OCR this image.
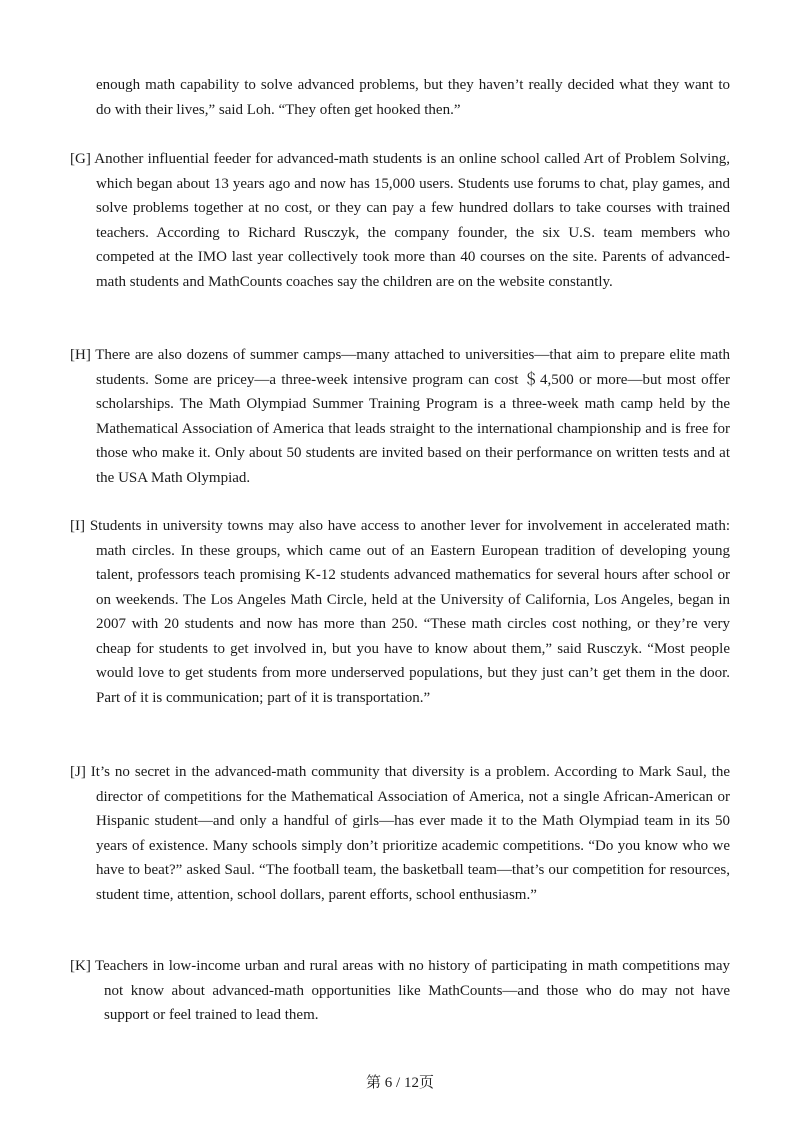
enough math capability to solve advanced problems, but they haven’t really decided what they want to do with their lives,” said Loh. “They often get hooked then.”

[G] Another influential feeder for advanced-math students is an online school called Art of Problem Solving, which began about 13 years ago and now has 15,000 users. Students use forums to chat, play games, and solve problems together at no cost, or they can pay a few hundred dollars to take courses with trained teachers. According to Richard Rusczyk, the company founder, the six U.S. team members who competed at the IMO last year collectively took more than 40 courses on the site. Parents of advanced-math students and MathCounts coaches say the children are on the website constantly.

[H] There are also dozens of summer camps—many attached to universities—that aim to prepare elite math students. Some are pricey—a three-week intensive program can cost ＄4,500 or more—but most offer scholarships. The Math Olympiad Summer Training Program is a three-week math camp held by the Mathematical Association of America that leads straight to the international championship and is free for those who make it. Only about 50 students are invited based on their performance on written tests and at the USA Math Olympiad.

[I] Students in university towns may also have access to another lever for involvement in accelerated math: math circles. In these groups, which came out of an Eastern European tradition of developing young talent, professors teach promising K-12 students advanced mathematics for several hours after school or on weekends. The Los Angeles Math Circle, held at the University of California, Los Angeles, began in 2007 with 20 students and now has more than 250. “These math circles cost nothing, or they’re very cheap for students to get involved in, but you have to know about them,” said Rusczyk. “Most people would love to get students from more underserved populations, but they just can’t get them in the door. Part of it is communication; part of it is transportation.”

[J] It’s no secret in the advanced-math community that diversity is a problem. According to Mark Saul, the director of competitions for the Mathematical Association of America, not a single African-American or Hispanic student—and only a handful of girls—has ever made it to the Math Olympiad team in its 50 years of existence. Many schools simply don’t prioritize academic competitions. “Do you know who we have to beat?” asked Saul. “The football team, the basketball team—that’s our competition for resources, student time, attention, school dollars, parent efforts, school enthusiasm.”

[K] Teachers in low-income urban and rural areas with no history of participating in math competitions may not know about advanced-math opportunities like MathCounts—and those who do may not have support or feel trained to lead them.

第 6 / 12页
